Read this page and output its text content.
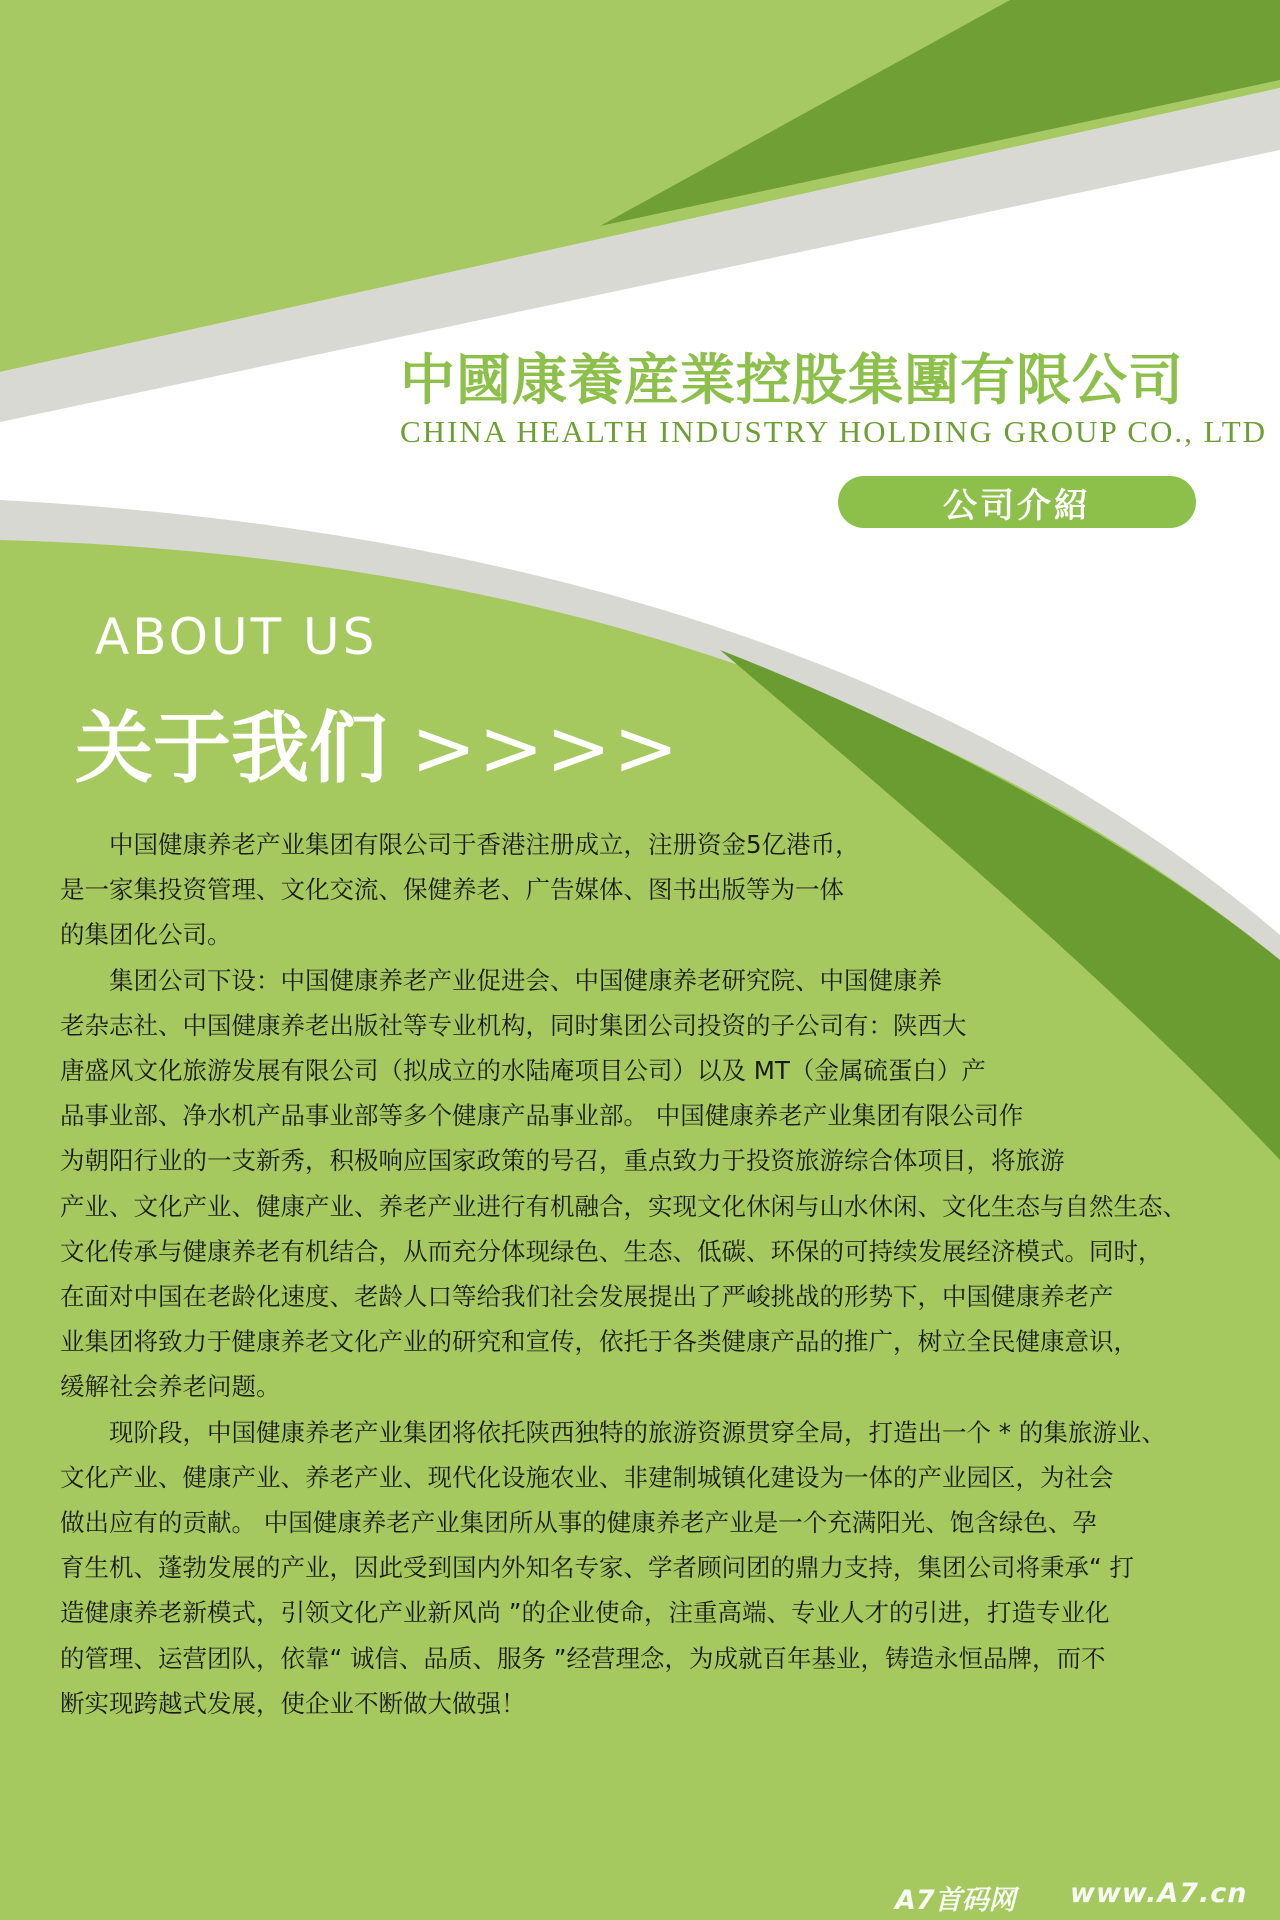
中國康養産業控股集團有限公司
CHINA HEALTH INDUSTRY HOLDING GROUP CO., LTD
公司介紹
ABOUT US
关于我们 >>>>

　　中国健康养老产业集团有限公司于香港注册成立，注册资金5亿港币，

是一家集投资管理、文化交流、保健养老、广告媒体、图书出版等为一体

的集团化公司。

　　集团公司下设：中国健康养老产业促进会、中国健康养老研究院、中国健康养

老杂志社、中国健康养老出版社等专业机构，同时集团公司投资的子公司有：陕西大

唐盛风文化旅游发展有限公司（拟成立的水陆庵项目公司）以及 MT（金属硫蛋白）产

品事业部、净水机产品事业部等多个健康产品事业部。 中国健康养老产业集团有限公司作

为朝阳行业的一支新秀，积极响应国家政策的号召，重点致力于投资旅游综合体项目，将旅游

产业、文化产业、健康产业、养老产业进行有机融合，实现文化休闲与山水休闲、文化生态与自然生态、

文化传承与健康养老有机结合，从而充分体现绿色、生态、低碳、环保的可持续发展经济模式。同时，

在面对中国在老龄化速度、老龄人口等给我们社会发展提出了严峻挑战的形势下，中国健康养老产

业集团将致力于健康养老文化产业的研究和宣传，依托于各类健康产品的推广，树立全民健康意识，

缓解社会养老问题。

　　现阶段，中国健康养老产业集团将依托陕西独特的旅游资源贯穿全局，打造出一个 * 的集旅游业、

文化产业、健康产业、养老产业、现代化设施农业、非建制城镇化建设为一体的产业园区，为社会

做出应有的贡献。 中国健康养老产业集团所从事的健康养老产业是一个充满阳光、饱含绿色、孕

育生机、蓬勃发展的产业，因此受到国内外知名专家、学者顾问团的鼎力支持，集团公司将秉承“ 打

造健康养老新模式，引领文化产业新风尚 ”的企业使命，注重高端、专业人才的引进，打造专业化

的管理、运营团队，依靠“ 诚信、品质、服务 ”经营理念，为成就百年基业，铸造永恒品牌，而不

断实现跨越式发展，使企业不断做大做强！

A7首码网 www.A7.cn
